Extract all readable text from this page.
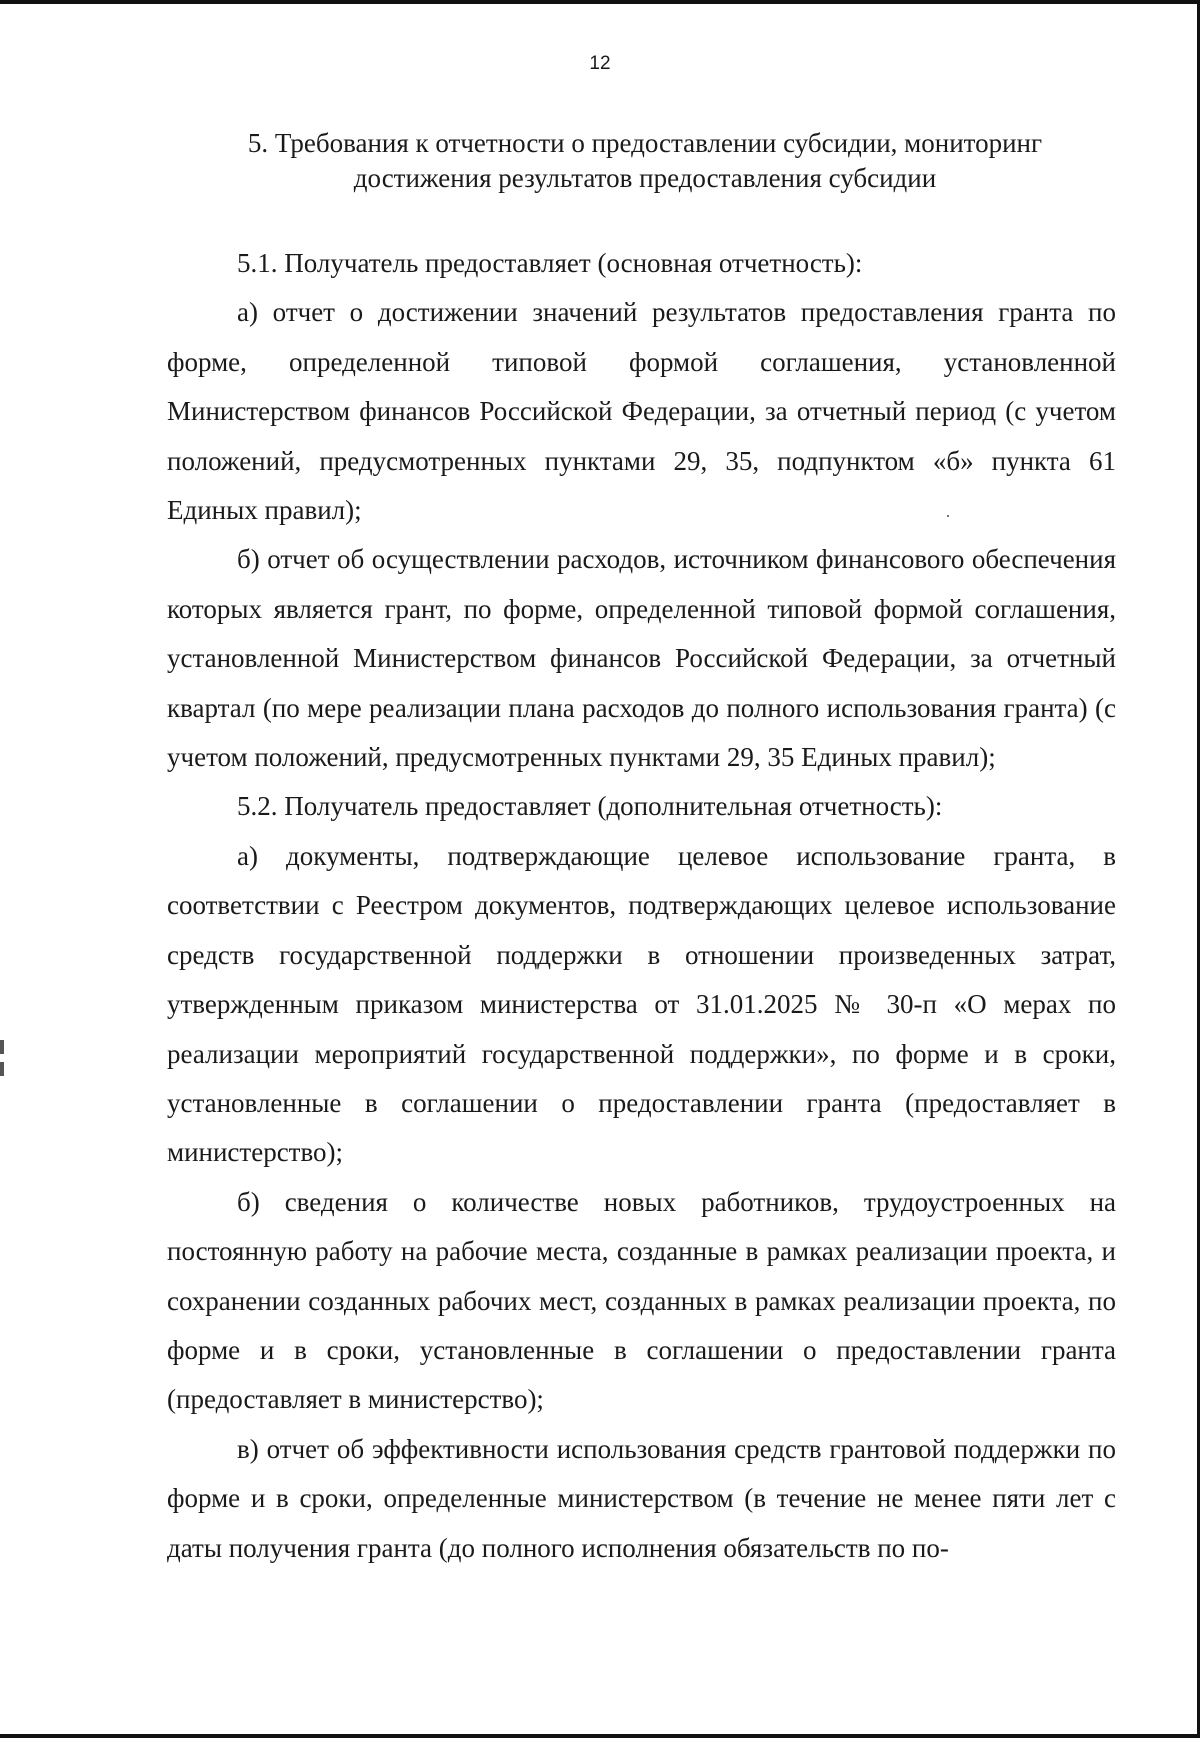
12
5. Требования к отчетности о предоставлении субсидии, мониторинг достижения результатов предоставления субсидии

5.1. Получатель предоставляет (основная отчетность):

а) отчет о достижении значений результатов предоставления гранта по форме, определенной типовой формой соглашения, установленной Министерством финансов Российской Федерации, за отчетный период (с учетом положений, предусмотренных пунктами 29, 35, подпунктом «б» пункта 61 Единых правил);

б) отчет об осуществлении расходов, источником финансового обеспечения которых является грант, по форме, определенной типовой формой соглашения, установленной Министерством финансов Российской Федерации, за отчетный квартал (по мере реализации плана расходов до полного использования гранта) (с учетом положений, предусмотренных пунктами 29, 35 Единых правил);

5.2. Получатель предоставляет (дополнительная отчетность):

а) документы, подтверждающие целевое использование гранта, в соответствии с Реестром документов, подтверждающих целевое использование средств государственной поддержки в отношении произведенных затрат, утвержденным приказом министерства от 31.01.2025 № 30-п «О мерах по реализации мероприятий государственной поддержки», по форме и в сроки, установленные в соглашении о предоставлении гранта (предоставляет в министерство);

б) сведения о количестве новых работников, трудоустроенных на постоянную работу на рабочие места, созданные в рамках реализации проекта, и сохранении созданных рабочих мест, созданных в рамках реализации проекта, по форме и в сроки, установленные в соглашении о предоставлении гранта (предоставляет в министерство);

в) отчет об эффективности использования средств грантовой поддержки по форме и в сроки, определенные министерством (в течение не менее пяти лет с даты получения гранта (до полного исполнения обязательств по по-
